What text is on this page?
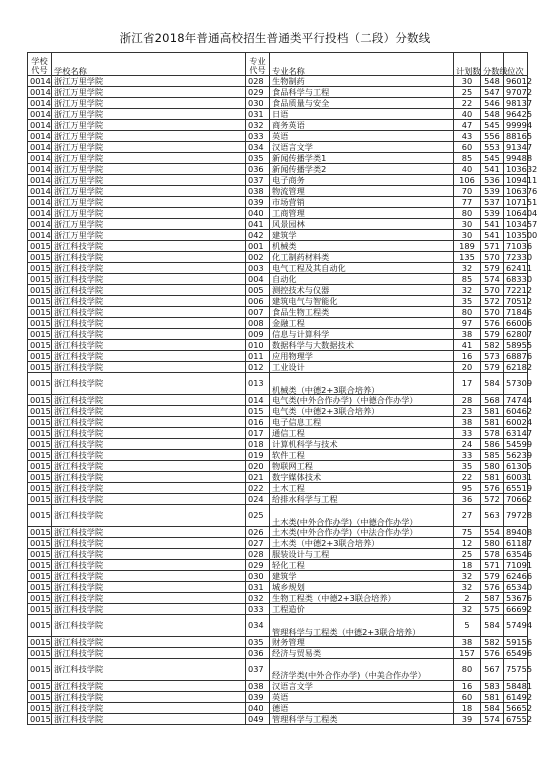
浙江省2018年普通高校招生普通类平行投档（二段）分数线
学校
代号	学校名称	专业
代号	专业名称	计划数	分数线	位次
0014	浙江万里学院	028	生物制药	30	548	96012
0014	浙江万里学院	029	食品科学与工程	25	547	97072
0014	浙江万里学院	030	食品质量与安全	22	546	98137
0014	浙江万里学院	031	日语	40	548	96425
0014	浙江万里学院	032	商务英语	47	545	99994
0014	浙江万里学院	033	英语	43	556	88165
0014	浙江万里学院	034	汉语言文学	60	553	91347
0014	浙江万里学院	035	新闻传播学类1	85	545	99488
0014	浙江万里学院	036	新闻传播学类2	40	541	103632
0014	浙江万里学院	037	电子商务	106	536	109411
0014	浙江万里学院	038	物流管理	70	539	106376
0014	浙江万里学院	039	市场营销	77	537	107151
0014	浙江万里学院	040	工商管理	80	539	106404
0014	浙江万里学院	041	风景园林	30	541	103457
0014	浙江万里学院	042	建筑学	30	541	103500
0015	浙江科技学院	001	机械类	189	571	71036
0015	浙江科技学院	002	化工制药材料类	135	570	72330
0015	浙江科技学院	003	电气工程及其自动化	32	579	62411
0015	浙江科技学院	004	自动化	85	574	68330
0015	浙江科技学院	005	测控技术与仪器	32	570	72212
0015	浙江科技学院	006	建筑电气与智能化	35	572	70512
0015	浙江科技学院	007	食品生物工程类	80	570	71846
0015	浙江科技学院	008	金融工程	97	576	66006
0015	浙江科技学院	009	信息与计算科学	38	579	62807
0015	浙江科技学院	010	数据科学与大数据技术	41	582	58955
0015	浙江科技学院	011	应用物理学	16	573	68876
0015	浙江科技学院	012	工业设计	20	579	62182
0015	浙江科技学院	013	机械类（中德2+3联合培养）	17	584	57309
0015	浙江科技学院	014	电气类(中外合作办学)（中德合作办学）	28	568	74744
0015	浙江科技学院	015	电气类（中德2+3联合培养）	23	581	60462
0015	浙江科技学院	016	电子信息工程	38	581	60024
0015	浙江科技学院	017	通信工程	33	578	63147
0015	浙江科技学院	018	计算机科学与技术	24	586	54599
0015	浙江科技学院	019	软件工程	33	585	56239
0015	浙江科技学院	020	物联网工程	35	580	61305
0015	浙江科技学院	021	数字媒体技术	22	581	60031
0015	浙江科技学院	022	土木工程	95	576	65519
0015	浙江科技学院	024	给排水科学与工程	36	572	70662
0015	浙江科技学院	025	土木类(中外合作办学)（中德合作办学）	27	563	79728
0015	浙江科技学院	026	土木类(中外合作办学)（中法合作办学）	75	554	89408
0015	浙江科技学院	027	土木类（中德2+3联合培养）	12	580	61187
0015	浙江科技学院	028	服装设计与工程	25	578	63546
0015	浙江科技学院	029	轻化工程	18	571	71091
0015	浙江科技学院	030	建筑学	32	579	62466
0015	浙江科技学院	031	城乡规划	32	576	65340
0015	浙江科技学院	032	生物工程类（中德2+3联合培养）	2	587	53676
0015	浙江科技学院	033	工程造价	32	575	66692
0015	浙江科技学院	034	管理科学与工程类（中德2+3联合培养）	5	584	57494
0015	浙江科技学院	035	财务管理	38	582	59156
0015	浙江科技学院	036	经济与贸易类	157	576	65496
0015	浙江科技学院	037	经济学类(中外合作办学)（中美合作办学）	80	567	75755
0015	浙江科技学院	038	汉语言文学	16	583	58481
0015	浙江科技学院	039	英语	60	581	61492
0015	浙江科技学院	040	德语	18	584	56652
0015	浙江科技学院	049	管理科学与工程类	39	574	67552
